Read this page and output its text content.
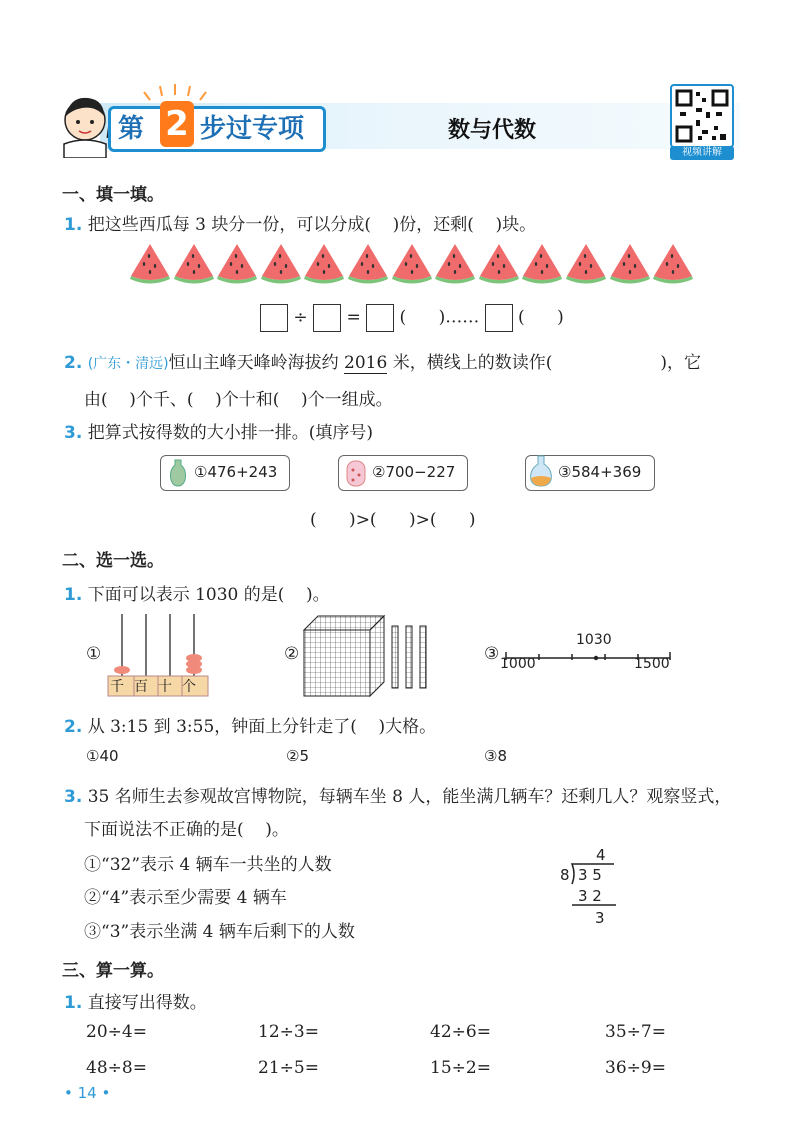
第 2 步过专项	数与代数
视频讲解
一、填一填。
1. 把这些西瓜每 3 块分一份，可以分成(    )份，还剩(    )块。
÷ = (      )…… (      )
2. (广东・清远)恒山主峰天峰岭海拔约 2016 米，横线上的数读作(                    )，它
由(    )个千、(    )个十和(    )个一组成。
3. 把算式按得数的大小排一排。(填序号)
①476+243	②700−227	③584+369
(      )>(      )>(      )
二、选一选。
1. 下面可以表示 1030 的是(    )。
①
千 百 十 个
②	③ 1000
1030
1500
2. 从 3:15 到 3:55，钟面上分针走了(    )大格。
①40	②5	③8
3. 35 名师生去参观故宫博物院，每辆车坐 8 人，能坐满几辆车？还剩几人？观察竖式，
下面说法不正确的是(    )。
①“32”表示 4 辆车一共坐的人数
②“4”表示至少需要 4 辆车
③“3”表示坐满 4 辆车后剩下的人数
4
8 3 5
3 2
3
三、算一算。
1. 直接写出得数。
20÷4=	12÷3=	42÷6=	35÷7=
48÷8=	21÷5=	15÷2=	36÷9=
• 14 •
